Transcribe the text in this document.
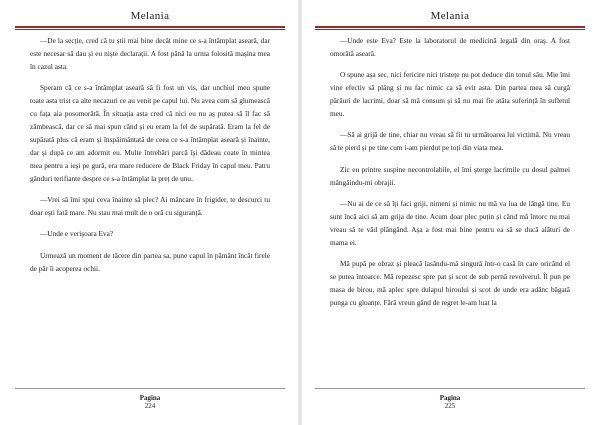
Melania

—De la secție, cred că tu știi mai bine decât mine ce s-a întâmplat aseară, dar este necesar să dau și eu niște declarații. A fost până la urma folosită mașina mea în cazul asta.

Speram că ce s-a întâmplat aseară să fi fost un vis, dar unchiul meu spune toate asta trist ca alte necazuri ce au venit pe capul lui. Nu avea cum să glumească cu fața aia posomorâtă. În situația asta cred că nici eu nu aș putea să îl fac să zâmbească, dar ce să mai spun când și eu eram la fel de supărată. Eram la fel de supărată plus că eram și înspăimântată de ceea ce s-a întâmplat aseară și înainte, dar și după ce am adormit eu. Multe întrebări parcă îşi dădeau coate în mintea mea pentru a ieşi pe gură, era mare reducere de Black Friday în capul meu. Patru gânduri terifiante despre ce s-a întâmplat la preț de unu.

—Vrei să îmi spui ceva înainte să plec? Ai mâncare în frigider, te descurci tu doar ești fată mare. Nu stau mai mult de o oră cu siguranță.

—Unde e verișoara Eva?

Urmează un moment de tăcere din partea sa, pune capul în pământ încât firele de păr îi acoperea ochii.

Pagina
224
Melania

—Unde este Eva? Este la laboratorul de medicină legală din oraș. A fost omorâtă aseară.

O spune așa sec, nici fericire nici tristețe nu pot deduce din tonul său. Mie îmi vine efectiv să plâng și nu fac nimic ca să evit asta. Din partea mea să curgă pârâuri de lacrimi, doar să mă consum și să nu mai fie atâta suferință în sufletul meu.

—Să ai grijă de tine, chiar nu vreau să fii tu următoarea lui victimă. Nu vreau să te pierd și pe tine cum i-am pierdut pe toți din viata mea.

Zic eu printre suspine necontrolabile, el îmi șterge lacrimile cu dosul palmei mângâindu-mi obrajii.

—Nu ai de ce să îți faci griji, nimeni și nimic nu mă va lua de lângă tine. Eu sunt încă aici să am grija de tine. Acum doar plec puțin și când mă întorc nu mai vreau să te văd plângând. Așa a fost mai bine pentru ea să se ducă alături de mama ei.

Mă pupă pe obraz și pleacă lasându-mă singură într-o casă în care oricând el se putea întoarce. Mă repezesc spre pat și scot de sub pernă revolverul. Îl pun pe masa de birou, mă aplec spre dulapul biroului și scot de unde era adânc băgată punga cu gloanțe. Fără vreun gând de regret le-am luat la

Pagina
225
